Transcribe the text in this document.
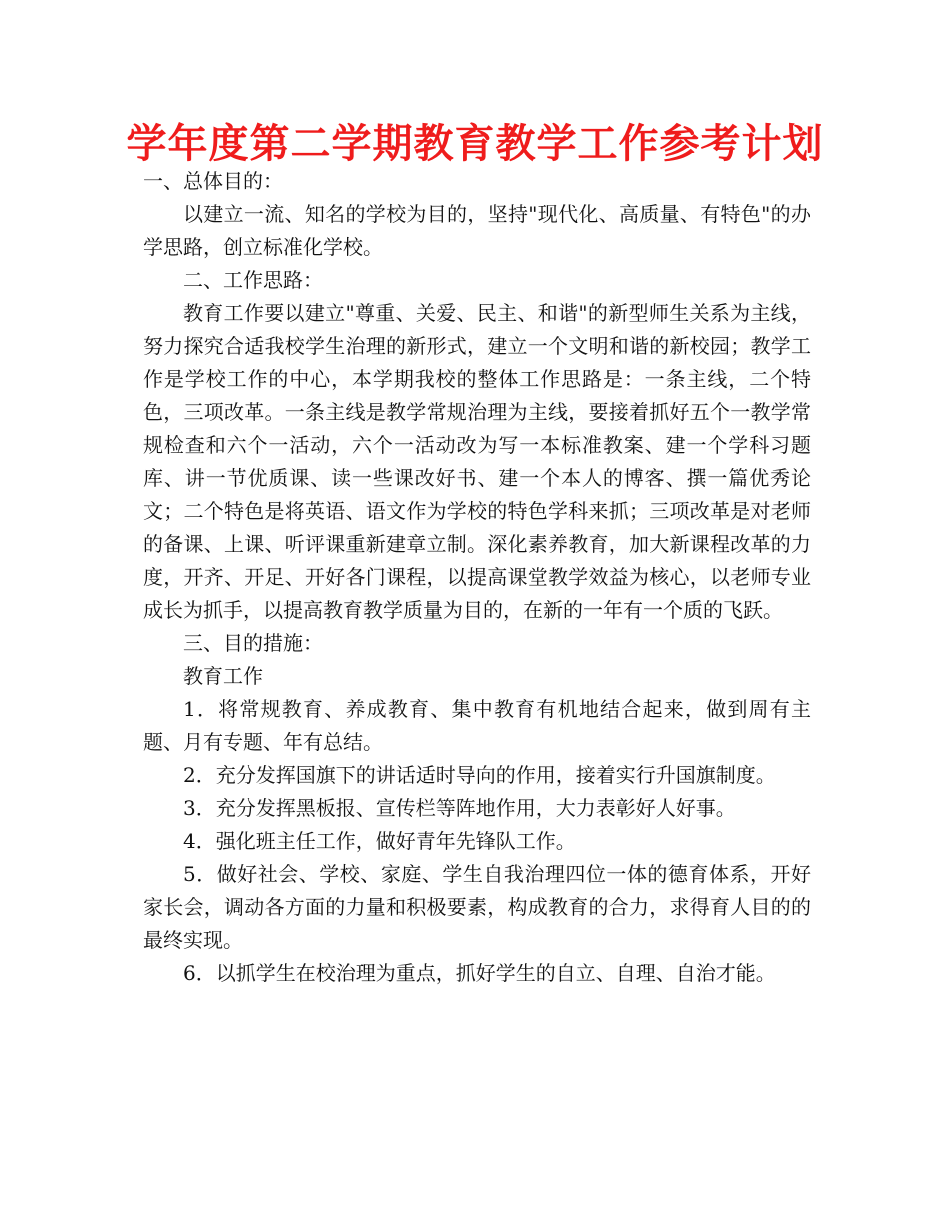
学年度第二学期教育教学工作参考计划

一、总体目的：

以建立一流、知名的学校为目的，坚持"现代化、高质量、有特色"的办学思路，创立标准化学校。

二、工作思路：

教育工作要以建立"尊重、关爱、民主、和谐"的新型师生关系为主线，努力探究合适我校学生治理的新形式，建立一个文明和谐的新校园；教学工作是学校工作的中心，本学期我校的整体工作思路是：一条主线，二个特色，三项改革。一条主线是教学常规治理为主线，要接着抓好五个一教学常规检查和六个一活动，六个一活动改为写一本标准教案、建一个学科习题库、讲一节优质课、读一些课改好书、建一个本人的博客、撰一篇优秀论文；二个特色是将英语、语文作为学校的特色学科来抓；三项改革是对老师的备课、上课、听评课重新建章立制。深化素养教育，加大新课程改革的力度，开齐、开足、开好各门课程，以提高课堂教学效益为核心，以老师专业成长为抓手，以提高教育教学质量为目的，在新的一年有一个质的飞跃。

三、目的措施：

教育工作

1．将常规教育、养成教育、集中教育有机地结合起来，做到周有主题、月有专题、年有总结。

2．充分发挥国旗下的讲话适时导向的作用，接着实行升国旗制度。

3．充分发挥黑板报、宣传栏等阵地作用，大力表彰好人好事。

4．强化班主任工作，做好青年先锋队工作。

5．做好社会、学校、家庭、学生自我治理四位一体的德育体系，开好家长会，调动各方面的力量和积极要素，构成教育的合力，求得育人目的的最终实现。

6．以抓学生在校治理为重点，抓好学生的自立、自理、自治才能。
